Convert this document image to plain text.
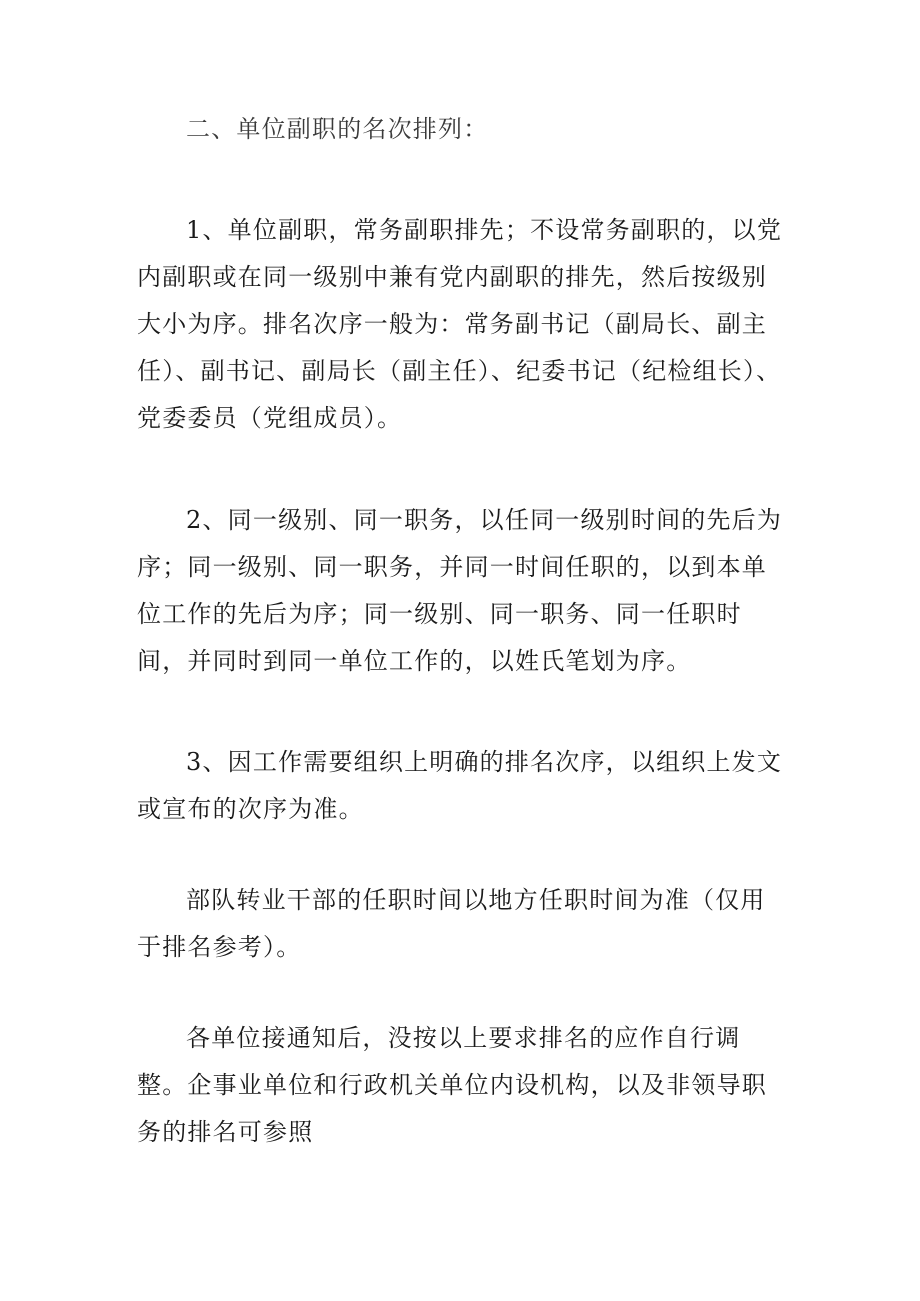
二、单位副职的名次排列：

1、单位副职，常务副职排先；不设常务副职的，以党内副职或在同一级别中兼有党内副职的排先，然后按级别大小为序。排名次序一般为：常务副书记（副局长、副主任）、副书记、副局长（副主任）、纪委书记（纪检组长）、党委委员（党组成员）。

2、同一级别、同一职务，以任同一级别时间的先后为序；同一级别、同一职务，并同一时间任职的，以到本单位工作的先后为序；同一级别、同一职务、同一任职时间，并同时到同一单位工作的，以姓氏笔划为序。

3、因工作需要组织上明确的排名次序，以组织上发文或宣布的次序为准。

部队转业干部的任职时间以地方任职时间为准（仅用于排名参考）。

各单位接通知后，没按以上要求排名的应作自行调整。企事业单位和行政机关单位内设机构，以及非领导职务的排名可参照
